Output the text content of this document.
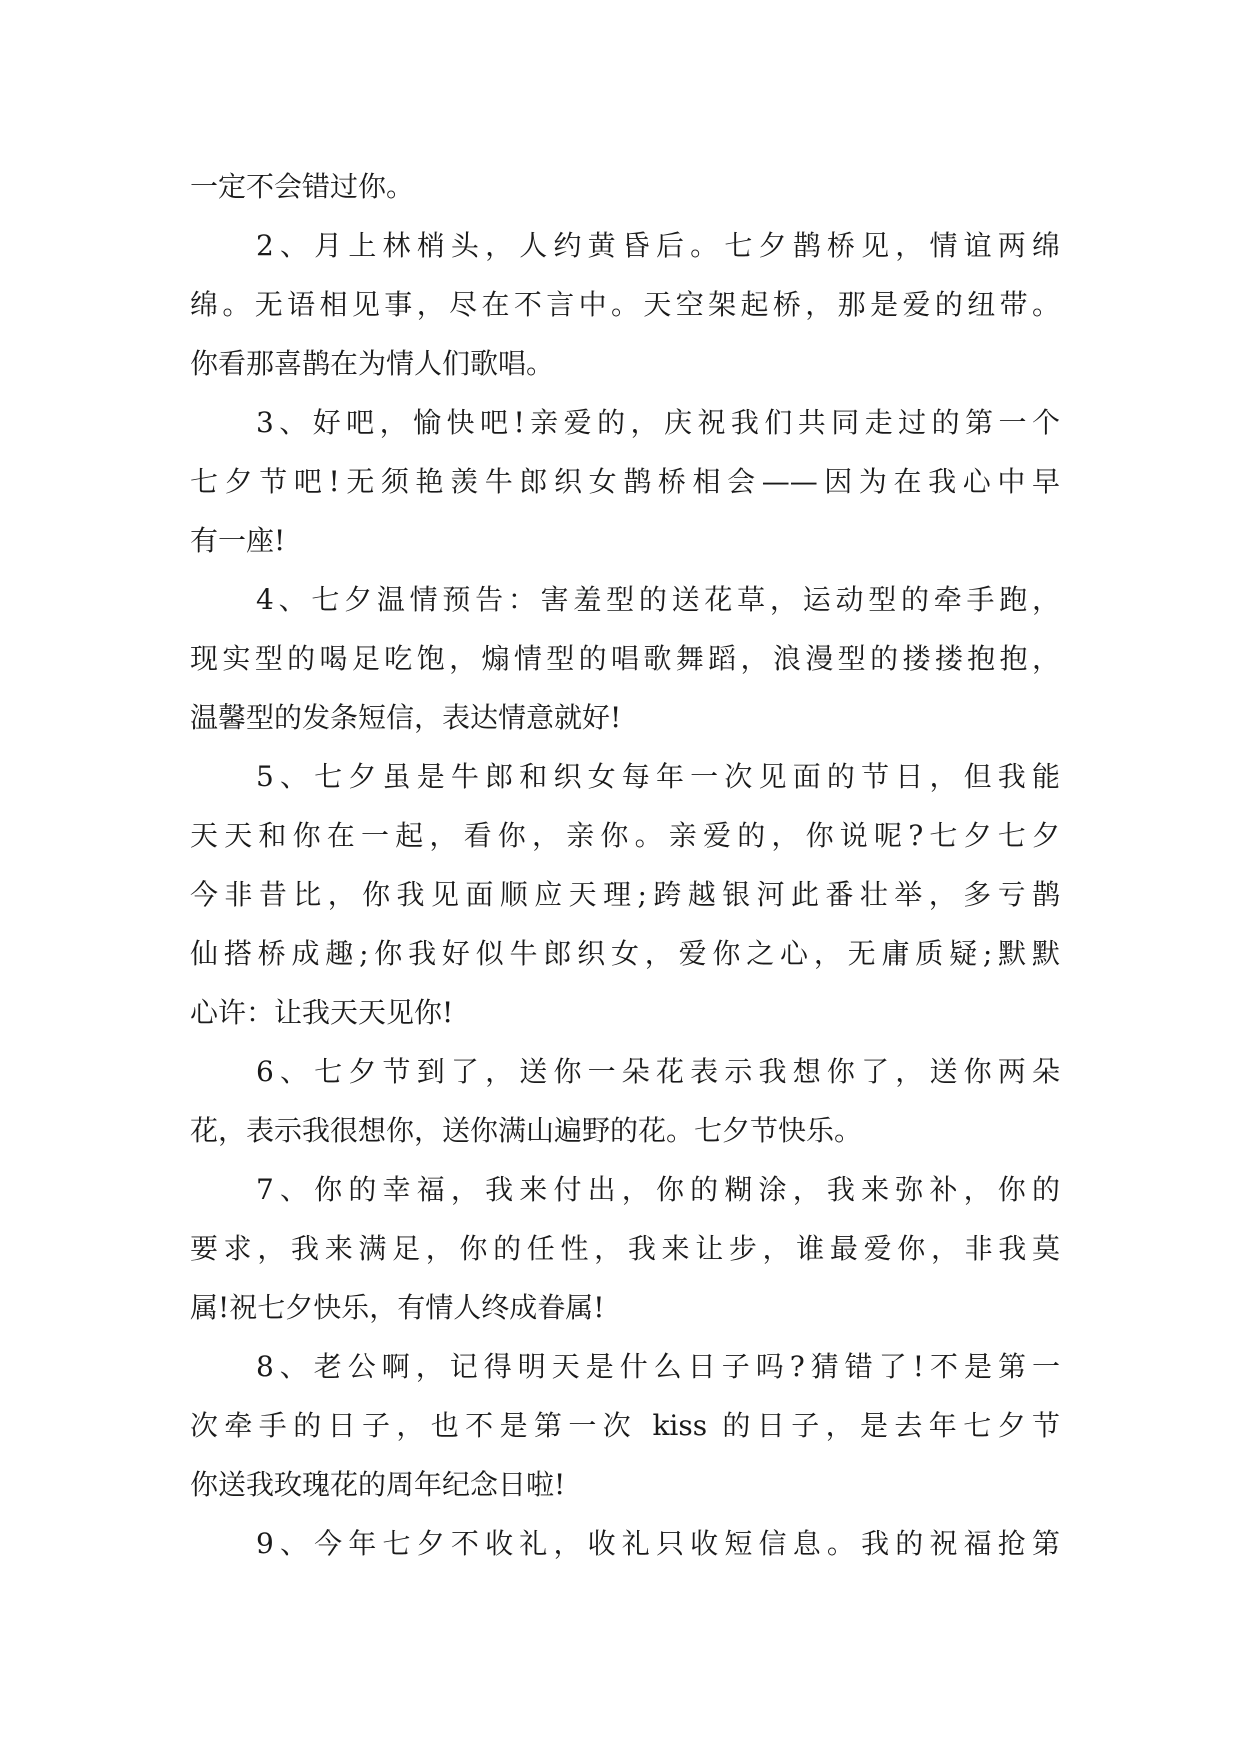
一定不会错过你。
2、月上林梢头，人约黄昏后。七夕鹊桥见，情谊两绵
绵。无语相见事，尽在不言中。天空架起桥，那是爱的纽带。
你看那喜鹊在为情人们歌唱。
3、好吧，愉快吧!亲爱的，庆祝我们共同走过的第一个
七夕节吧!无须艳羡牛郎织女鹊桥相会——因为在我心中早
有一座!
4、七夕温情预告：害羞型的送花草，运动型的牵手跑，
现实型的喝足吃饱，煽情型的唱歌舞蹈，浪漫型的搂搂抱抱，
温馨型的发条短信，表达情意就好!
5、七夕虽是牛郎和织女每年一次见面的节日，但我能
天天和你在一起，看你，亲你。亲爱的，你说呢?七夕七夕
今非昔比，你我见面顺应天理;跨越银河此番壮举，多亏鹊
仙搭桥成趣;你我好似牛郎织女，爱你之心，无庸质疑;默默
心许：让我天天见你!
6、七夕节到了，送你一朵花表示我想你了，送你两朵
花，表示我很想你，送你满山遍野的花。七夕节快乐。
7、你的幸福，我来付出，你的糊涂，我来弥补，你的
要求，我来满足，你的任性，我来让步，谁最爱你，非我莫
属!祝七夕快乐，有情人终成眷属!
8、老公啊，记得明天是什么日子吗?猜错了!不是第一
次牵手的日子，也不是第一次 kiss 的日子，是去年七夕节
你送我玫瑰花的周年纪念日啦!
9、今年七夕不收礼，收礼只收短信息。我的祝福抢第
